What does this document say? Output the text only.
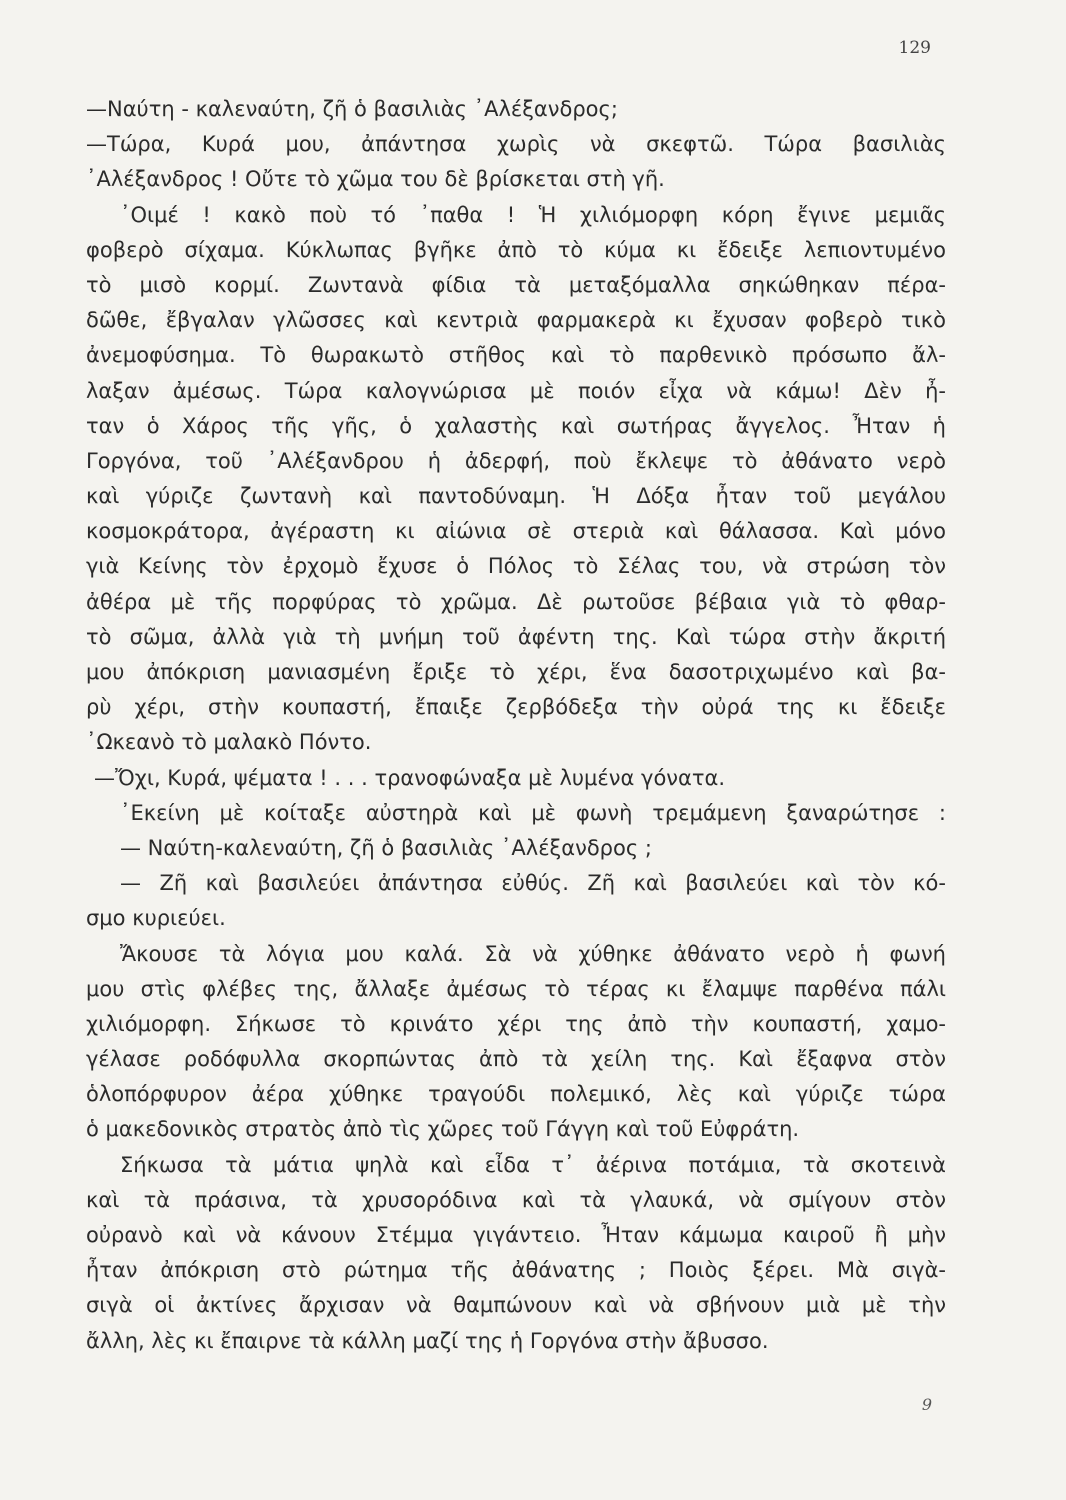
129
—Ναύτη - καλεναύτη, ζῆ ὁ βασιλιὰς ᾿Αλέξανδρος;
—Τώρα, Κυρά μου, ἀπάντησα χωρὶς νὰ σκεφτῶ. Τώρα βασιλιὰς
᾿Αλέξανδρος ! Οὔτε τὸ χῶμα του δὲ βρίσκεται στὴ γῆ.
᾿Οιμέ ! κακὸ ποὺ τό ᾿παθα ! Ἡ χιλιόμορφη κόρη ἔγινε μεμιᾶς
φοβερὸ σίχαμα. Κύκλωπας βγῆκε ἀπὸ τὸ κύμα κι ἔδειξε λεπιοντυμένο
τὸ μισὸ κορμί. Ζωντανὰ φίδια τὰ μεταξόμαλλα σηκώθηκαν πέρα-
δῶθε, ἔβγαλαν γλῶσσες καὶ κεντριὰ φαρμακερὰ κι ἔχυσαν φοβερὸ τικὸ
ἀνεμοφύσημα. Τὸ θωρακωτὸ στῆθος καὶ τὸ παρθενικὸ πρόσωπο ἄλ-
λαξαν ἀμέσως. Τώρα καλογνώρισα μὲ ποιόν εἶχα νὰ κάμω! Δὲν ἦ-
ταν ὁ Χάρος τῆς γῆς, ὁ χαλαστὴς καὶ σωτήρας ἄγγελος. Ἦταν ἡ
Γοργόνα, τοῦ ᾿Αλέξανδρου ἡ ἀδερφή, ποὺ ἔκλεψε τὸ ἀθάνατο νερὸ
καὶ γύριζε ζωντανὴ καὶ παντοδύναμη. Ἡ Δόξα ἦταν τοῦ μεγάλου
κοσμοκράτορα, ἀγέραστη κι αἰώνια σὲ στεριὰ καὶ θάλασσα. Καὶ μόνο
γιὰ Κείνης τὸν ἐρχομὸ ἔχυσε ὁ Πόλος τὸ Σέλας του, νὰ στρώση τὸν
ἀθέρα μὲ τῆς πορφύρας τὸ χρῶμα. Δὲ ρωτοῦσε βέβαια γιὰ τὸ φθαρ-
τὸ σῶμα, ἀλλὰ γιὰ τὴ μνήμη τοῦ ἀφέντη της. Καὶ τώρα στὴν ἄκριτή
μου ἀπόκριση μανιασμένη ἔριξε τὸ χέρι, ἕνα δασοτριχωμένο καὶ βα-
ρὺ χέρι, στὴν κουπαστή, ἔπαιξε ζερβόδεξα τὴν οὐρά της κι ἔδειξε
᾿Ωκεανὸ τὸ μαλακὸ Πόντο.
—Ὄχι, Κυρά, ψέματα ! . . . τρανοφώναξα μὲ λυμένα γόνατα.
᾿Εκείνη μὲ κοίταξε αὐστηρὰ καὶ μὲ φωνὴ τρεμάμενη ξαναρώτησε :
— Ναύτη-καλεναύτη, ζῆ ὁ βασιλιὰς ᾿Αλέξανδρος ;
— Ζῆ καὶ βασιλεύει ἀπάντησα εὐθύς. Ζῆ καὶ βασιλεύει καὶ τὸν κό-
σμο κυριεύει.
Ἄκουσε τὰ λόγια μου καλά. Σὰ νὰ χύθηκε ἀθάνατο νερὸ ἡ φωνή
μου στὶς φλέβες της, ἄλλαξε ἀμέσως τὸ τέρας κι ἔλαμψε παρθένα πάλι
χιλιόμορφη. Σήκωσε τὸ κρινάτο χέρι της ἀπὸ τὴν κουπαστή, χαμο-
γέλασε ροδόφυλλα σκορπώντας ἀπὸ τὰ χείλη της. Καὶ ἔξαφνα στὸν
ὁλοπόρφυρον ἀέρα χύθηκε τραγούδι πολεμικό, λὲς καὶ γύριζε τώρα
ὁ μακεδονικὸς στρατὸς ἀπὸ τὶς χῶρες τοῦ Γάγγη καὶ τοῦ Εὐφράτη.
Σήκωσα τὰ μάτια ψηλὰ καὶ εἶδα τ᾿ ἀέρινα ποτάμια, τὰ σκοτεινὰ
καὶ τὰ πράσινα, τὰ χρυσορόδινα καὶ τὰ γλαυκά, νὰ σμίγουν στὸν
οὐρανὸ καὶ νὰ κάνουν Στέμμα γιγάντειο. Ἦταν κάμωμα καιροῦ ἢ μὴν
ἦταν ἀπόκριση στὸ ρώτημα τῆς ἀθάνατης ; Ποιὸς ξέρει. Μὰ σιγὰ-
σιγὰ οἱ ἀκτίνες ἄρχισαν νὰ θαμπώνουν καὶ νὰ σβήνουν μιὰ μὲ τὴν
ἄλλη, λὲς κι ἔπαιρνε τὰ κάλλη μαζί της ἡ Γοργόνα στὴν ἄβυσσο.
9
